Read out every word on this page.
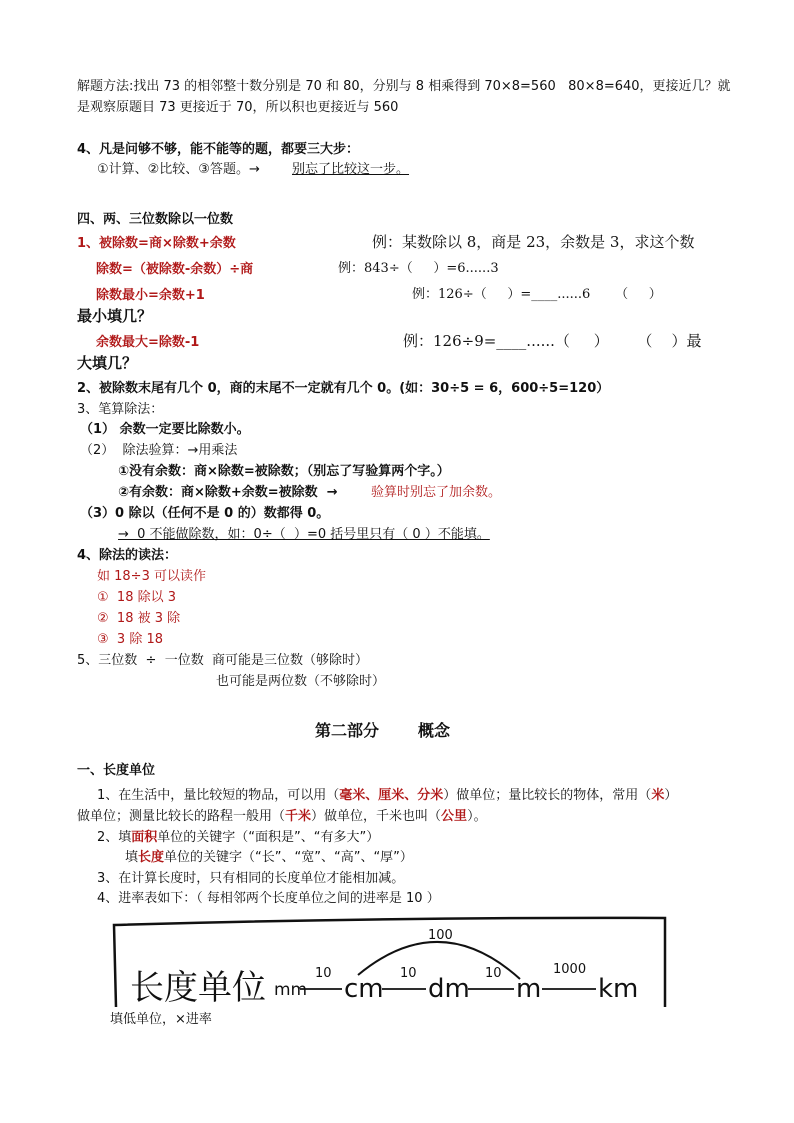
解题方法:找出 73 的相邻整十数分别是 70 和 80，分别与 8 相乘得到 70×8=560   80×8=640，更接近几？就
是观察原题目 73 更接近于 70，所以积也更接近与 560
4、凡是问够不够，能不能等的题，都要三大步：
①计算、②比较、③答题。→ 别忘了比较这一步。
四、两、三位数除以一位数
1、被除数=商×除数+余数	例：某数除以 8，商是 23，余数是 3，求这个数
除数=（被除数-余数）÷商	例：843÷（     ）=6......3
除数最小=余数+1	例：126÷（     ）=____......6      （     ）
最小填几？
余数最大=除数-1	例：126÷9=____......（     ）      （    ）最
大填几？
2、被除数末尾有几个 0，商的末尾不一定就有几个 0。(如：30÷5 = 6，600÷5=120）
3、笔算除法：
（1） 余数一定要比除数小。
（2）  除法验算：→用乘法
①没有余数：商×除数=被除数；（别忘了写验算两个字。）
②有余数：商×除数+余数=被除数  →	验算时别忘了加余数。
（3）0 除以（任何不是 0 的）数都得 0。
→  0 不能做除数，如：0÷（  ）=0 括号里只有（ 0 ）不能填。
4、除法的读法：
如 18÷3 可以读作
①  18 除以 3
②  18 被 3 除
③  3 除 18
5、三位数  ÷  一位数  商可能是三位数（够除时）
也可能是两位数（不够除时）
第二部分       概念
一、长度单位
1、在生活中，量比较短的物品，可以用（毫米、厘米、分米）做单位；量比较长的物体，常用（米）
做单位；测量比较长的路程一般用（千米）做单位，千米也叫（公里）。
2、填面积单位的关键字（“面积是”、“有多大”）
填长度单位的关键字（“长”、“宽”、“高”、“厚”）
3、在计算长度时，只有相同的长度单位才能相加减。
4、进率表如下：（ 每相邻两个长度单位之间的进率是 10 ）
长度单位 mm
10
cm
10
dm
10
m
1000
km
100
填低单位，×进率
